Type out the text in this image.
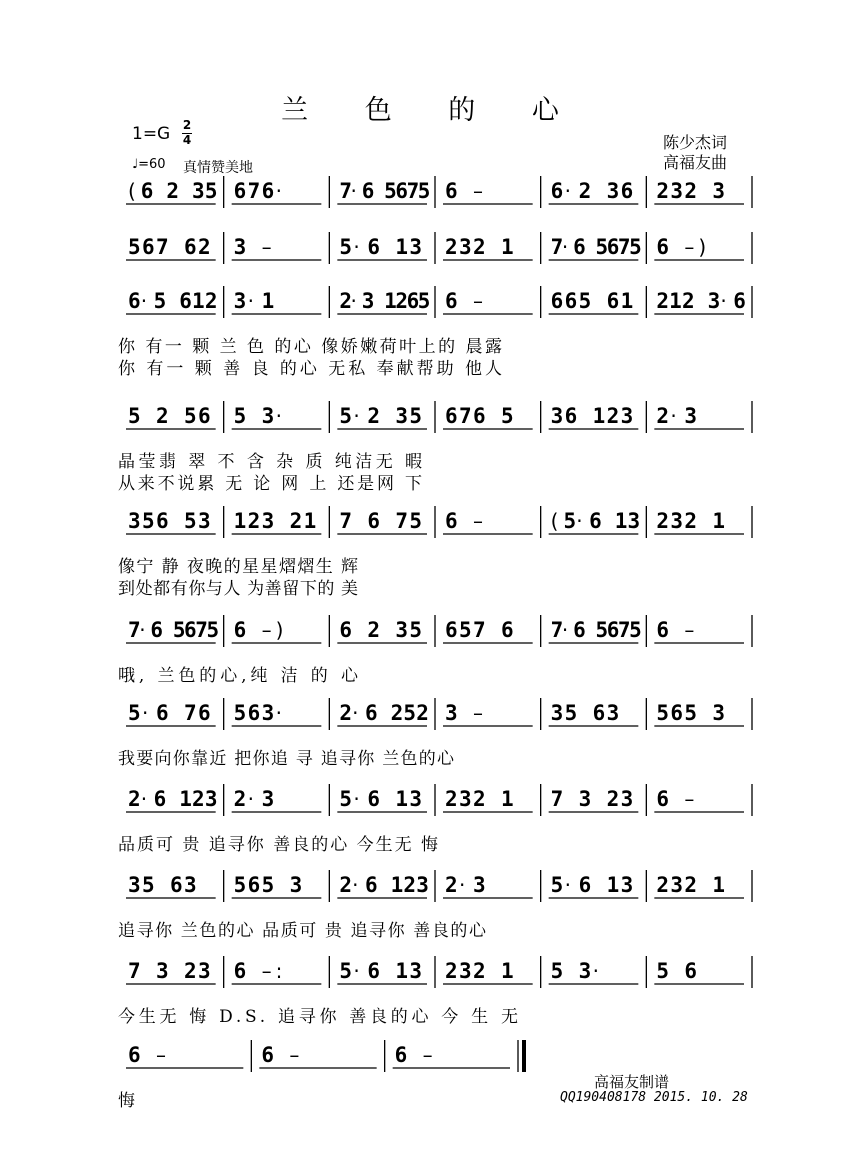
兰 色 的 心
1=G 2
4
♩=60 真情赞美地
陈少杰词
高福友曲
( 6 2 3 5 6 7 6 ·	7
· 6 5
6
7
5 6 –	6 · 2 3 6 2 3 2 3
5 6 7 6 2 3 –	5 · 6 1 3 2 3 2 1 7
· 6 5
6
7
5 6 – )
6 · 5 6 1 2 3 · 1	2
· 3 1
2
6
5 6 –	6 6 5 6 1 2 1 2 3 · 6
你 有一 颗 兰 色 的心 像娇嫩荷叶上的 晨露
你 有一 颗 善 良 的心 无私 奉献帮助 他人
5 2 5 6 5 3 ·	5 · 2 3 5 6 7 6 5 3 6 1 2 3 2 · 3
晶莹翡 翠 不 含 杂 质 纯洁无 暇
从来不说累 无 论 网 上 还是网 下
3 5 6 5 3 1 2 3 2 1 7 6 7 5 6 –	( 5 · 6 1 3 2 3 2 1
像宁 静 夜晚的星星熠熠生 辉
到处都有你与人 为善留下的 美
7
· 6 5
6
7
5 6 – )	6 2 3 5 6 5 7 6 7
· 6 5
6
7
5 6 –
哦, 兰色的心,纯 洁 的 心
5 · 6 7 6 5 6 3 ·	2 · 6 2 5 2 3 –	3 5 6 3 5 6 5 3
我要向你靠近 把你追 寻 追寻你 兰色的心
2 · 6 1 2 3 2 · 3	5 · 6 1 3 2 3 2 1 7 3 2 3 6 –
品质可 贵 追寻你 善良的心 今生无 悔
3 5 6 3 5 6 5 3 2 · 6 1 2 3 2 · 3	5 · 6 1 3 2 3 2 1
追寻你 兰色的心 品质可 贵 追寻你 善良的心
7 3 2 3 6 – :	5 · 6 1 3 2 3 2 1 5 3 ·	5 6
今生无 悔 D.S. 追寻你 善良的心 今 生 无
6 –	6 –	6 –
悔
高福友制谱
QQ190408178 2015. 10. 28
